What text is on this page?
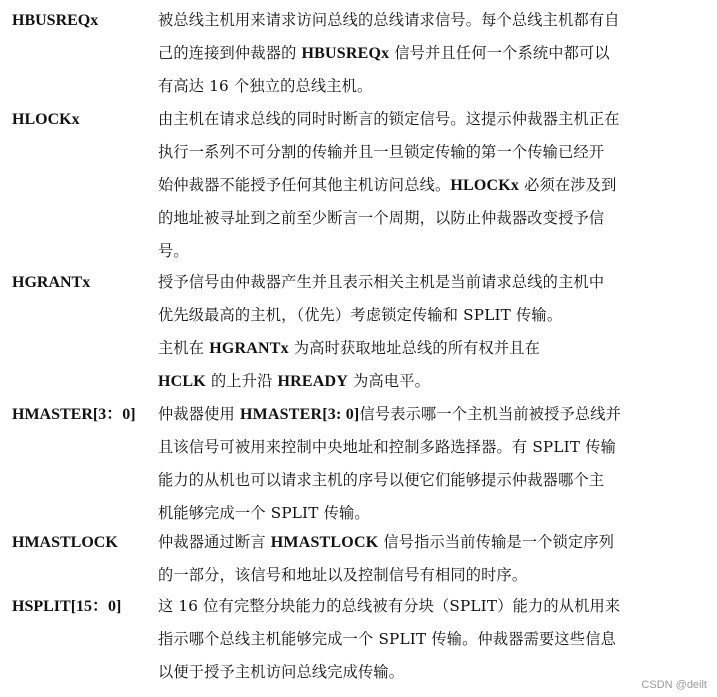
HBUSREQx	被总线主机用来请求访问总线的总线请求信号。每个总线主机都有自
己的连接到仲裁器的 HBUSREQx 信号并且任何一个系统中都可以
有高达 16 个独立的总线主机。
HLOCKx	由主机在请求总线的同时时断言的锁定信号。这提示仲裁器主机正在
执行一系列不可分割的传输并且一旦锁定传输的第一个传输已经开
始仲裁器不能授予任何其他主机访问总线。HLOCKx 必须在涉及到
的地址被寻址到之前至少断言一个周期，以防止仲裁器改变授予信
号。
HGRANTx	授予信号由仲裁器产生并且表示相关主机是当前请求总线的主机中
优先级最高的主机，（优先）考虑锁定传输和 SPLIT 传输。
主机在 HGRANTx 为高时获取地址总线的所有权并且在
HCLK 的上升沿 HREADY 为高电平。
HMASTER[3：0] 仲裁器使用 HMASTER[3: 0]信号表示哪一个主机当前被授予总线并
且该信号可被用来控制中央地址和控制多路选择器。有 SPLIT 传输
能力的从机也可以请求主机的序号以便它们能够提示仲裁器哪个主
机能够完成一个 SPLIT 传输。
HMASTLOCK	仲裁器通过断言 HMASTLOCK 信号指示当前传输是一个锁定序列
的一部分，该信号和地址以及控制信号有相同的时序。
HSPLIT[15：0] 这 16 位有完整分块能力的总线被有分块（SPLIT）能力的从机用来
指示哪个总线主机能够完成一个 SPLIT 传输。仲裁器需要这些信息
以便于授予主机访问总线完成传输。
CSDN @deilt
